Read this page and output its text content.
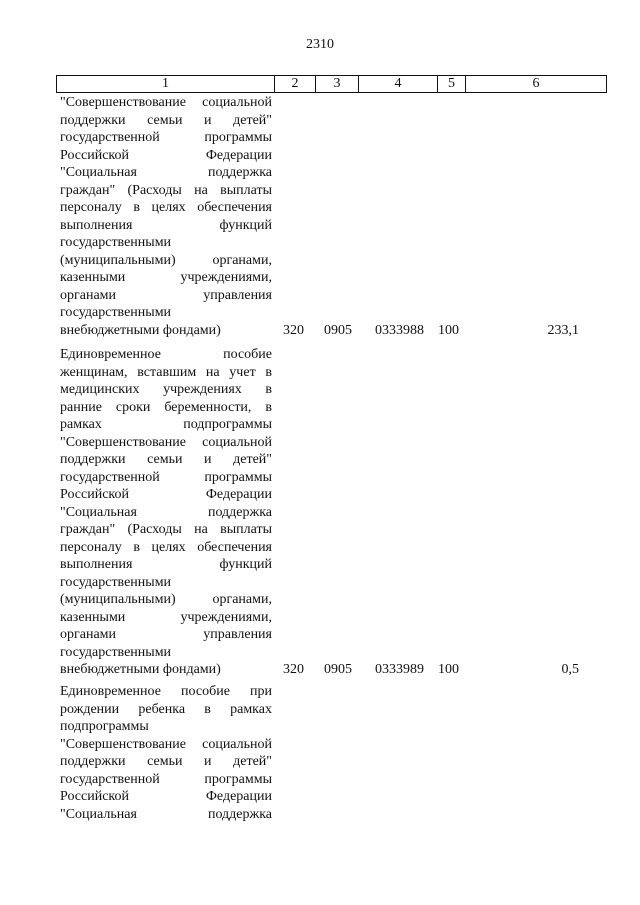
2310
1	2	3	4	5	6
"Совершенствование социальной
поддержки семьи и детей"
государственной программы
Российской Федерации
"Социальная поддержка
граждан" (Расходы на выплаты
персоналу в целях обеспечения
выполнения функций
государственными
(муниципальными) органами,
казенными учреждениями,
органами управления
государственными
внебюджетными фондами)	320 0905 0333988 100	233,1
Единовременное пособие
женщинам, вставшим на учет в
медицинских учреждениях в
ранние сроки беременности, в
рамках подпрограммы
"Совершенствование социальной
поддержки семьи и детей"
государственной программы
Российской Федерации
"Социальная поддержка
граждан" (Расходы на выплаты
персоналу в целях обеспечения
выполнения функций
государственными
(муниципальными) органами,
казенными учреждениями,
органами управления
государственными
внебюджетными фондами)	320 0905 0333989 100	0,5
Единовременное пособие при
рождении ребенка в рамках
подпрограммы
"Совершенствование социальной
поддержки семьи и детей"
государственной программы
Российской Федерации
"Социальная поддержка
